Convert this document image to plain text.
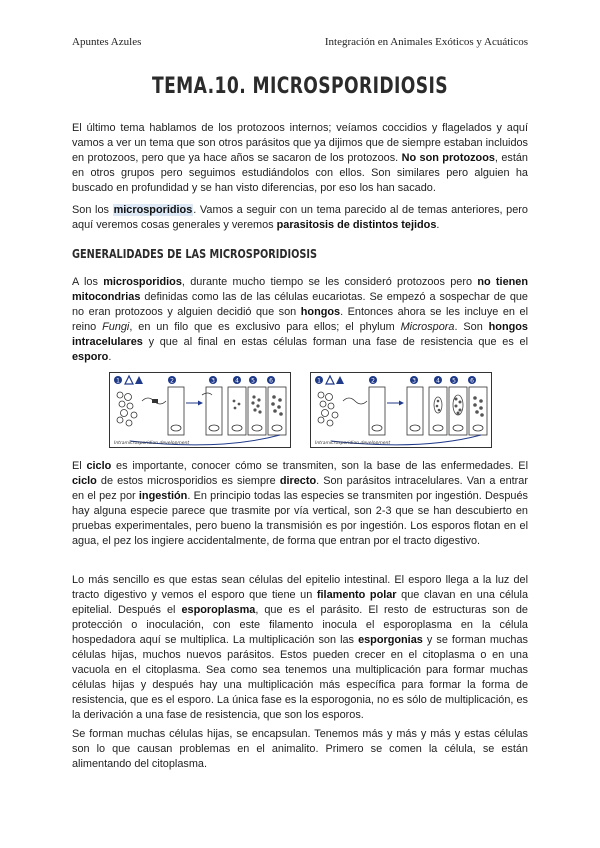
Apuntes Azules	Integración en Animales Exóticos y Acuáticos
TEMA.10. MICROSPORIDIOSIS

El último tema hablamos de los protozoos internos; veíamos coccidios y flagelados y aquí vamos a ver un tema que son otros parásitos que ya dijimos que de siempre estaban incluidos en protozoos, pero que ya hace años se sacaron de los protozoos. No son protozoos, están en otros grupos pero seguimos estudiándolos con ellos. Son similares pero alguien ha buscado en profundidad y se han visto diferencias, por eso los han sacado.

Son los microsporidios. Vamos a seguir con un tema parecido al de temas anteriores, pero aquí veremos cosas generales y veremos parasitosis de distintos tejidos.

GENERALIDADES DE LAS MICROSPORIDIOSIS

A los microsporidios, durante mucho tiempo se les consideró protozoos pero no tienen mitocondrias definidas como las de las células eucariotas. Se empezó a sospechar de que no eran protozoos y alguien decidió que son hongos. Entonces ahora se les incluye en el reino Fungi, en un filo que es exclusivo para ellos; el phylum Microspora. Son hongos intracelulares y que al final en estas células forman una fase de resistencia que es el esporo.

1	2	3	4 5 6
Intramicrosporidian development
1	2	3	4 5 6
Intramicrosporidian development

El ciclo es importante, conocer cómo se transmiten, son la base de las enfermedades. El ciclo de estos microsporidios es siempre directo. Son parásitos intracelulares. Van a entrar en el pez por ingestión. En principio todas las especies se transmiten por ingestión. Después hay alguna especie parece que trasmite por vía vertical, son 2-3 que se han descubierto en pruebas experimentales, pero bueno la transmisión es por ingestión. Los esporos flotan en el agua, el pez los ingiere accidentalmente, de forma que entran por el tracto digestivo.

Lo más sencillo es que estas sean células del epitelio intestinal. El esporo llega a la luz del tracto digestivo y vemos el esporo que tiene un filamento polar que clavan en una célula epitelial. Después el esporoplasma, que es el parásito. El resto de estructuras son de protección o inoculación, con este filamento inocula el esporoplasma en la célula hospedadora aquí se multiplica. La multiplicación son las esporgonias y se forman muchas células hijas, muchos nuevos parásitos. Estos pueden crecer en el citoplasma o en una vacuola en el citoplasma. Sea como sea tenemos una multiplicación para formar muchas células hijas y después hay una multiplicación más específica para formar la forma de resistencia, que es el esporo. La única fase es la esporogonia, no es sólo de multiplicación, es la derivación a una fase de resistencia, que son los esporos.

Se forman muchas células hijas, se encapsulan. Tenemos más y más y más y estas células son lo que causan problemas en el animalito. Primero se comen la célula, se están alimentando del citoplasma.
